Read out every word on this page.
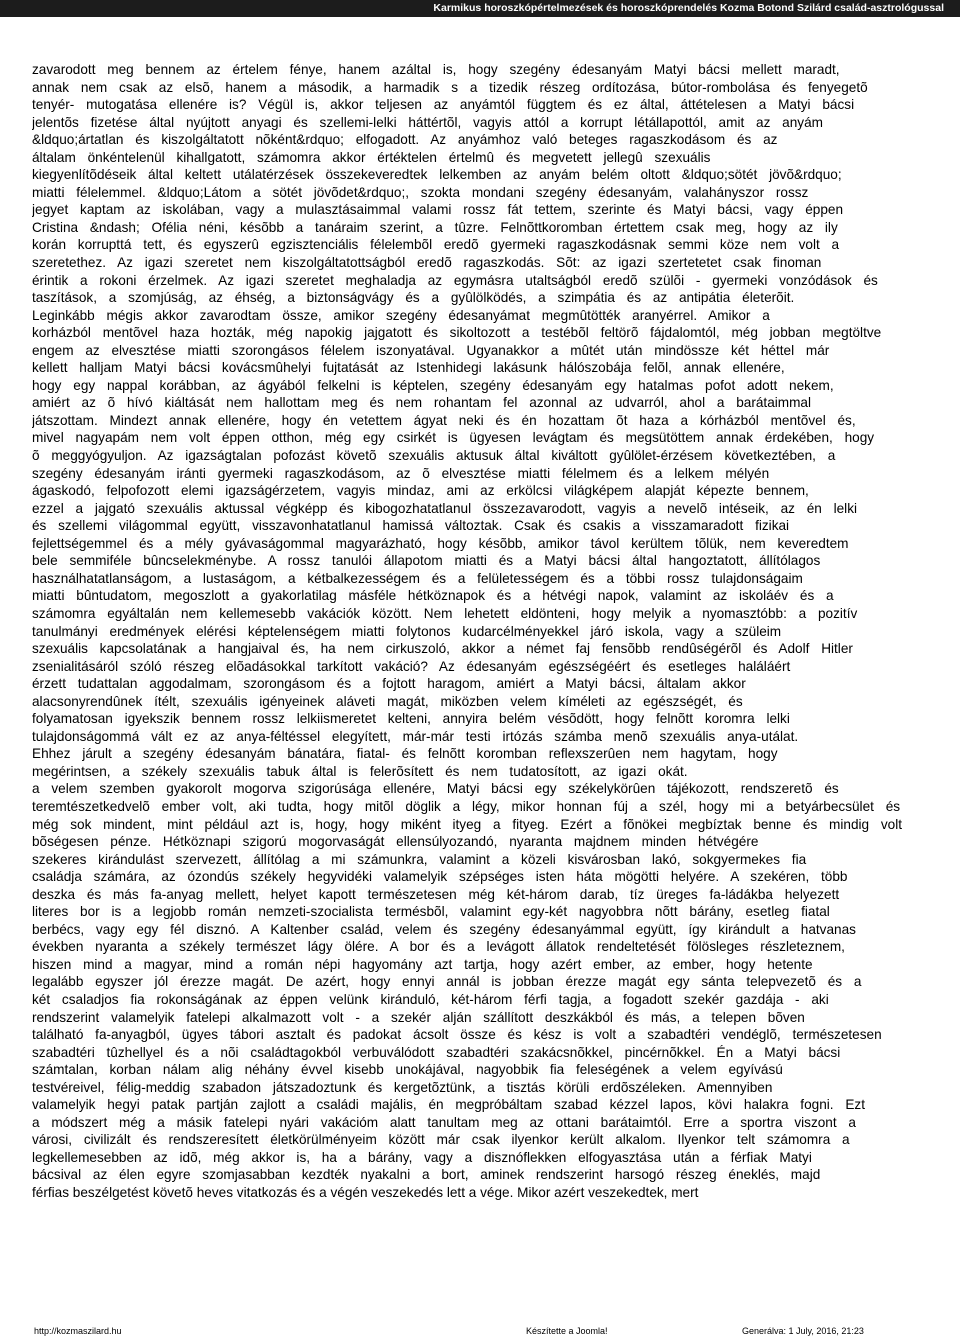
Karmikus horoszkópértelmezések és horoszkóprendelés Kozma Botond Szilárd család-asztrológussal
zavarodott meg bennem az értelem fénye, hanem azáltal is, hogy szegény édesanyám Matyi bácsi mellett maradt,
annak nem csak az elsõ, hanem a második, a harmadik s a tizedik részeg ordítozása, bútor-rombolása és fenyegetõ
tenyér- mutogatása ellenére is? Végül is, akkor teljesen az anyámtól függtem és ez által, áttételesen a Matyi bácsi
jelentõs fizetése által nyújtott anyagi és szellemi-lelki háttértõl, vagyis attól a korrupt létállapottól, amit az anyám
&ldquo;ártatlan és kiszolgáltatott nõként&rdquo; elfogadott. Az anyámhoz való beteges ragaszkodásom és az
általam önkéntelenül kihallgatott, számomra akkor értéktelen értelmû és megvetett jellegû szexuális
kiegyenlítõdéseik által keltett utálatérzések összekeveredtek lelkemben az anyám belém oltott &ldquo;sötét jövõ&rdquo;
miatti félelemmel. &ldquo;Látom a sötét jövõdet&rdquo;, szokta mondani szegény édesanyám, valahányszor rossz
jegyet kaptam az iskolában, vagy a mulasztásaimmal valami rossz fát tettem, szerinte és Matyi bácsi, vagy éppen
Cristina &ndash; Ofélia néni, késõbb a tanáraim szerint, a tûzre. Felnõttkoromban értettem csak meg, hogy az ily
korán korrupttá tett, és egyszerû egzisztenciális félelembõl eredõ gyermeki ragaszkodásnak semmi köze nem volt a
szeretethez. Az igazi szeretet nem kiszolgáltatottságból eredõ ragaszkodás. Sõt: az igazi szertetetet csak finoman
érintik a rokoni érzelmek. Az igazi szeretet meghaladja az egymásra utaltságból eredõ szülõi - gyermeki vonzódások és
taszítások, a szomjúság, az éhség, a biztonságvágy és a gyûlölködés, a szimpátia és az antipátia életerõit.
Leginkább mégis akkor zavarodtam össze, amikor szegény édesanyámat megmûtötték aranyérrel. Amikor a
korházból mentõvel haza hozták, még napokig jajgatott és sikoltozott a testébõl feltörõ fájdalomtól, még jobban megtöltve
engem az elvesztése miatti szorongásos félelem iszonyatával. Ugyanakkor a mûtét után mindössze két héttel már
kellett halljam Matyi bácsi kovácsmûhelyi fujtatását az Istenhidegi lakásunk hálószobája felõl, annak ellenére,
hogy egy nappal korábban, az ágyából felkelni is képtelen, szegény édesanyám egy hatalmas pofot adott nekem,
amiért az õ hívó kiáltását nem hallottam meg és nem rohantam fel azonnal az udvarról, ahol a barátaimmal
játszottam. Mindezt annak ellenére, hogy én vetettem ágyat neki és én hozattam õt haza a kórházból mentõvel és,
mivel nagyapám nem volt éppen otthon, még egy csirkét is ügyesen levágtam és megsütöttem annak érdekében, hogy
õ meggyógyuljon. Az igazságtalan pofozást követõ szexuális aktusuk által kiváltott gyûlölet-érzésem következtében, a
szegény édesanyám iránti gyermeki ragaszkodásom, az õ elvesztése miatti félelmem és a lelkem mélyén
ágaskodó, felpofozott elemi igazságérzetem, vagyis mindaz, ami az erkölcsi világképem alapját képezte bennem,
ezzel a jajgató szexuális aktussal végképp és kibogozhatatlanul összezavarodott, vagyis a nevelõ intéseik, az én lelki
és szellemi világommal együtt, visszavonhatatlanul hamissá változtak. Csak és csakis a visszamaradott fizikai
fejlettségemmel és a mély gyávaságommal magyarázható, hogy késõbb, amikor távol kerültem tõlük, nem keveredtem
bele semmiféle bûncselekménybe. A rossz tanulói állapotom miatti és a Matyi bácsi által hangoztatott, állítólagos
használhatatlanságom, a lustaságom, a kétbalkezességem és a felületességem és a többi rossz tulajdonságaim
miatti bûntudatom, megoszlott a gyakorlatilag másféle hétköznapok és a hétvégi napok, valamint az iskoláév és a
számomra egyáltalán nem kellemesebb vakációk között. Nem lehetett eldönteni, hogy melyik a nyomasztóbb: a pozitív
tanulmányi eredmények elérési képtelenségem miatti folytonos kudarcélményekkel járó iskola, vagy a szüleim
szexuális kapcsolatának a hangjaival és, ha nem cirkuszoló, akkor a német faj fensõbb rendûségérõl és Adolf Hitler
zsenialitásáról szóló részeg elõadásokkal tarkított vakáció? Az édesanyám egészségéért és esetleges haláláért
érzett tudattalan aggodalmam, szorongásom és a fojtott haragom, amiért a Matyi bácsi, általam akkor
alacsonyrendûnek ítélt, szexuális igényeinek aláveti magát, miközben velem kíméleti az egészségét, és
folyamatosan igyekszik bennem rossz lelkiismeretet kelteni, annyira belém vésõdött, hogy felnõtt koromra lelki
tulajdonságommá vált ez az anya-féltéssel elegyített, már-már testi irtózás számba menõ szexuális anya-utálat.
Ehhez járult a szegény édesanyám bánatára, fiatal- és felnõtt koromban reflexszerûen nem hagytam, hogy
megérintsen, a székely szexuális tabuk által is felerõsített és nem tudatosított, az igazi okát.
a velem szemben gyakorolt mogorva szigorúsága ellenére, Matyi bácsi egy székelykörûen tájékozott, rendszeretõ és
teremtészetkedvelõ ember volt, aki tudta, hogy mitõl döglik a légy, mikor honnan fúj a szél, hogy mi a betyárbecsület és
még sok mindent, mint például azt is, hogy, hogy miként ityeg a fityeg. Ezért a fõnökei megbíztak benne és mindig volt
bõségesen pénze. Hétköznapi szigorú mogorvaságát ellensúlyozandó, nyaranta majdnem minden hétvégére
szekeres kirándulást szervezett, állítólag a mi számunkra, valamint a közeli kisvárosban lakó, sokgyermekes fia
családja számára, az ózondús székely hegyvidéki valamelyik szépséges isten háta mögötti helyére. A szekéren, több
deszka és más fa-anyag mellett, helyet kapott természetesen még két-három darab, tíz üreges fa-ládákba helyezett
literes bor is a legjobb román nemzeti-szocialista termésbõl, valamint egy-két nagyobbra nõtt bárány, esetleg fiatal
berbécs, vagy egy fél disznó. A Kaltenber család, velem és szegény édesanyámmal együtt, így kirándult a hatvanas
években nyaranta a székely természet lágy ölére. A bor és a levágott állatok rendeltetését fölösleges részleteznem,
hiszen mind a magyar, mind a román népi hagyomány azt tartja, hogy azért ember, az ember, hogy hetente
legalább egyszer jól érezze magát. De azért, hogy ennyi annál is jobban érezze magát egy sánta telepvezetõ és a
két csaladjos fia rokonságának az éppen velünk kiránduló, két-három férfi tagja, a fogadott szekér gazdája - aki
rendszerint valamelyik fatelepi alkalmazott volt - a szekér alján szállított deszkákból és más, a telepen bõven
található fa-anyagból, ügyes tábori asztalt és padokat ácsolt össze és kész is volt a szabadtéri vendéglõ, természetesen
szabadtéri tûzhellyel és a nõi családtagokból verbuválódott szabadtéri szakácsnõkkel, pincérnõkkel. Én a Matyi bácsi
számtalan, korban nálam alig néhány évvel kisebb unokájával, nagyobbik fia feleségének a velem egyívású
testvéreivel, félig-meddig szabadon játszadoztunk és kergetõztünk, a tisztás körüli erdõszéleken. Amennyiben
valamelyik hegyi patak partján zajlott a családi majális, én megpróbáltam szabad kézzel lapos, kövi halakra fogni. Ezt
a módszert még a másik fatelepi nyári vakációm alatt tanultam meg az ottani barátaimtól. Erre a sportra viszont a
városi, civilizált és rendszeresített életkörülményeim között már csak ilyenkor került alkalom. Ilyenkor telt számomra a
legkellemesebben az idõ, még akkor is, ha a bárány, vagy a disznóflekken elfogyasztása után a férfiak Matyi
bácsival az élen egyre szomjasabban kezdték nyakalni a bort, aminek rendszerint harsogó részeg éneklés, majd
férfias beszélgetést követõ heves vitatkozás és a végén veszekedés lett a vége. Mikor azért veszekedtek, mert
http://kozmaszilard.hu	Készítette a Joomla!	Generálva: 1 July, 2016, 21:23
